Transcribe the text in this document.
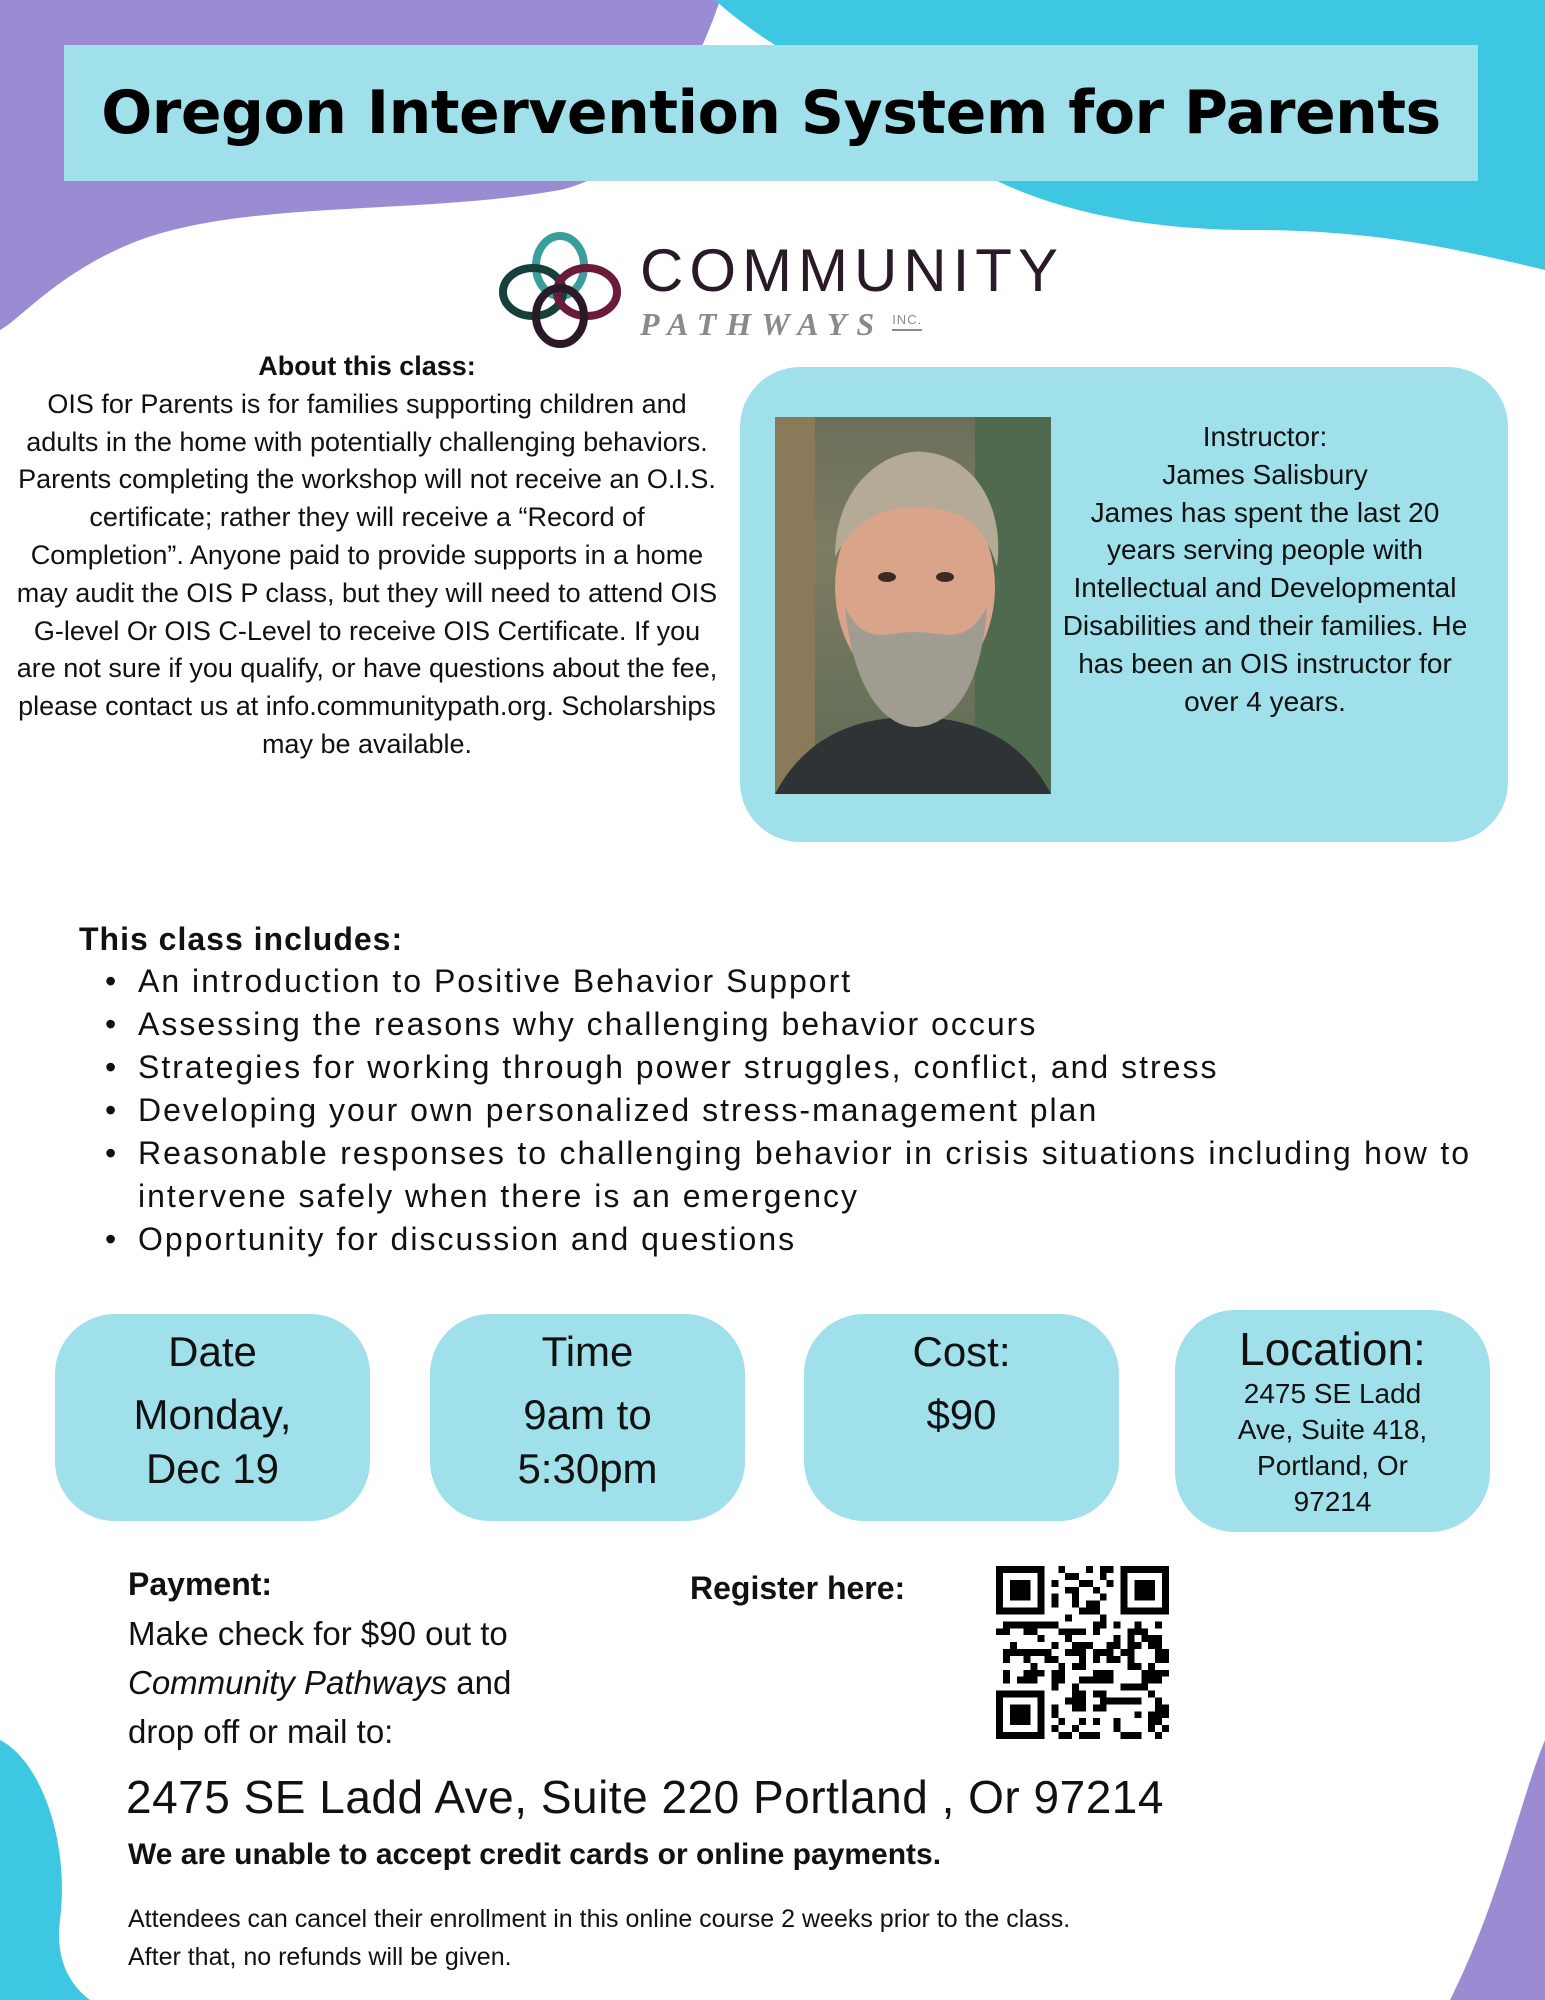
Oregon Intervention System for Parents
COMMUNITY
PATHWAYS INC.
About this class:

OIS for Parents is for families supporting children and adults in the home with potentially challenging behaviors. Parents completing the workshop will not receive an O.I.S. certificate; rather they will receive a “Record of Completion”. Anyone paid to provide supports in a home may audit the OIS P class, but they will need to attend OIS G-level Or OIS C-Level to receive OIS Certificate. If you are not sure if you qualify, or have questions about the fee, please contact us at info.communitypath.org. Scholarships may be available.

Instructor:

James Salisbury

James has spent the last 20 years serving people with Intellectual and Developmental Disabilities and their families. He has been an OIS instructor for over 4 years.

This class includes:
• An introduction to Positive Behavior Support
• Assessing the reasons why challenging behavior occurs
• Strategies for working through power struggles, conflict, and stress
• Developing your own personalized stress-management plan
• Reasonable responses to challenging behavior in crisis situations including how to intervene safely when there is an emergency
• Opportunity for discussion and questions
Date
Monday, Dec 19
Time
9am to 5:30pm
Cost:
$90
Location:
2475 SE Ladd Ave, Suite 418, Portland, Or 97214
Payment:
Make check for $90 out to
Community Pathways and
drop off or mail to:
Register here:
2475 SE Ladd Ave, Suite 220 Portland , Or 97214
We are unable to accept credit cards or online payments.
Attendees can cancel their enrollment in this online course 2 weeks prior to the class.
After that, no refunds will be given.
